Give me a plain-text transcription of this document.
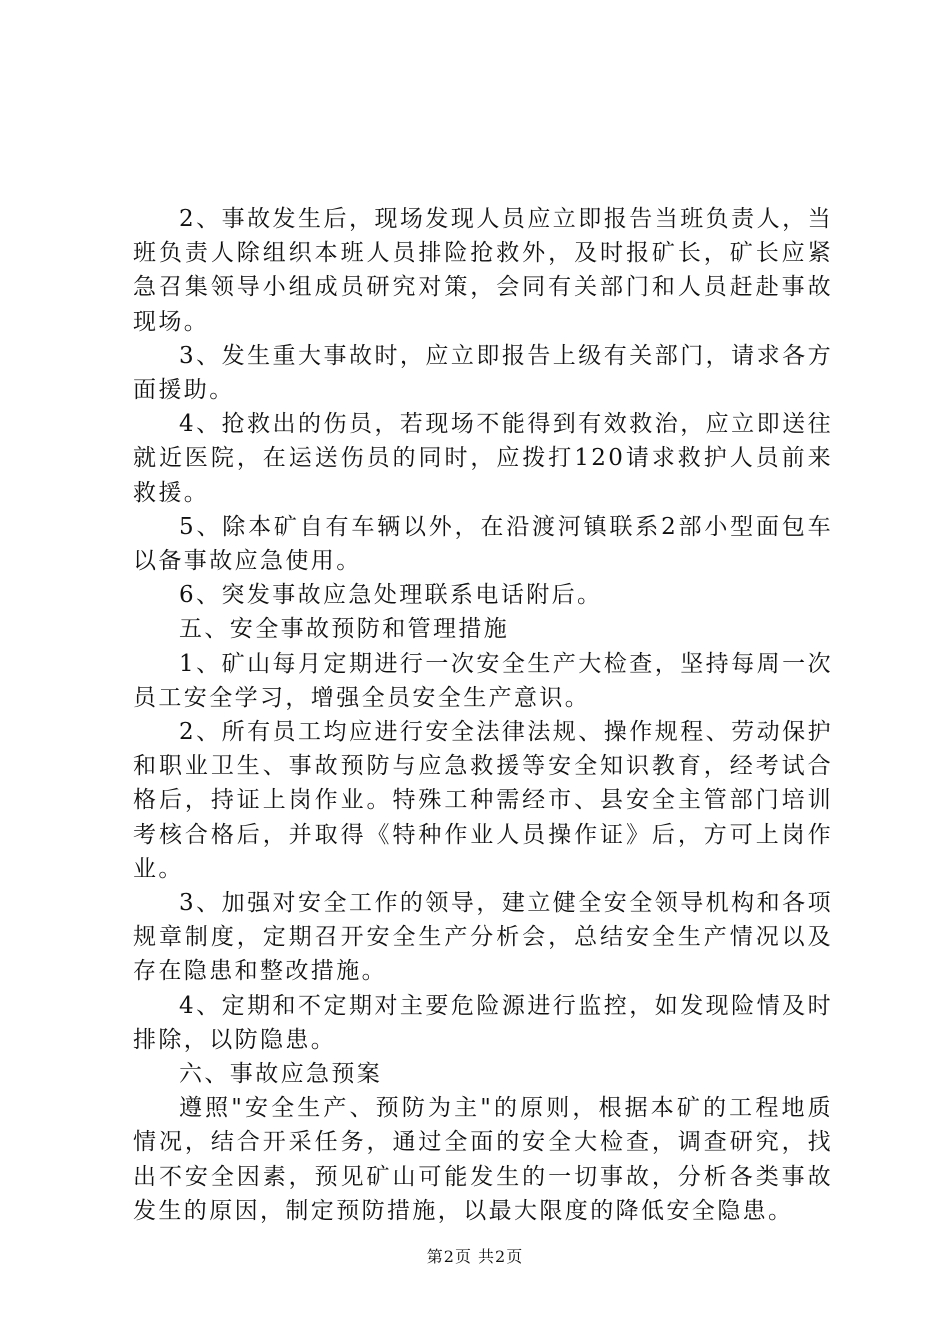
2、事故发生后，现场发现人员应立即报告当班负责人，当班负责人除组织本班人员排险抢救外，及时报矿长，矿长应紧急召集领导小组成员研究对策，会同有关部门和人员赶赴事故现场。

3、发生重大事故时，应立即报告上级有关部门，请求各方面援助。

4、抢救出的伤员，若现场不能得到有效救治，应立即送往就近医院，在运送伤员的同时，应拨打120请求救护人员前来救援。

5、除本矿自有车辆以外，在沿渡河镇联系2部小型面包车以备事故应急使用。

6、突发事故应急处理联系电话附后。

五、安全事故预防和管理措施

1、矿山每月定期进行一次安全生产大检查，坚持每周一次员工安全学习，增强全员安全生产意识。

2、所有员工均应进行安全法律法规、操作规程、劳动保护和职业卫生、事故预防与应急救援等安全知识教育，经考试合格后，持证上岗作业。特殊工种需经市、县安全主管部门培训考核合格后，并取得《特种作业人员操作证》后，方可上岗作业。

3、加强对安全工作的领导，建立健全安全领导机构和各项规章制度，定期召开安全生产分析会，总结安全生产情况以及存在隐患和整改措施。

4、定期和不定期对主要危险源进行监控，如发现险情及时排除，以防隐患。

六、事故应急预案

遵照"安全生产、预防为主"的原则，根据本矿的工程地质情况，结合开采任务，通过全面的安全大检查，调查研究，找出不安全因素，预见矿山可能发生的一切事故，分析各类事故发生的原因，制定预防措施，以最大限度的降低安全隐患。

第2页 共2页
